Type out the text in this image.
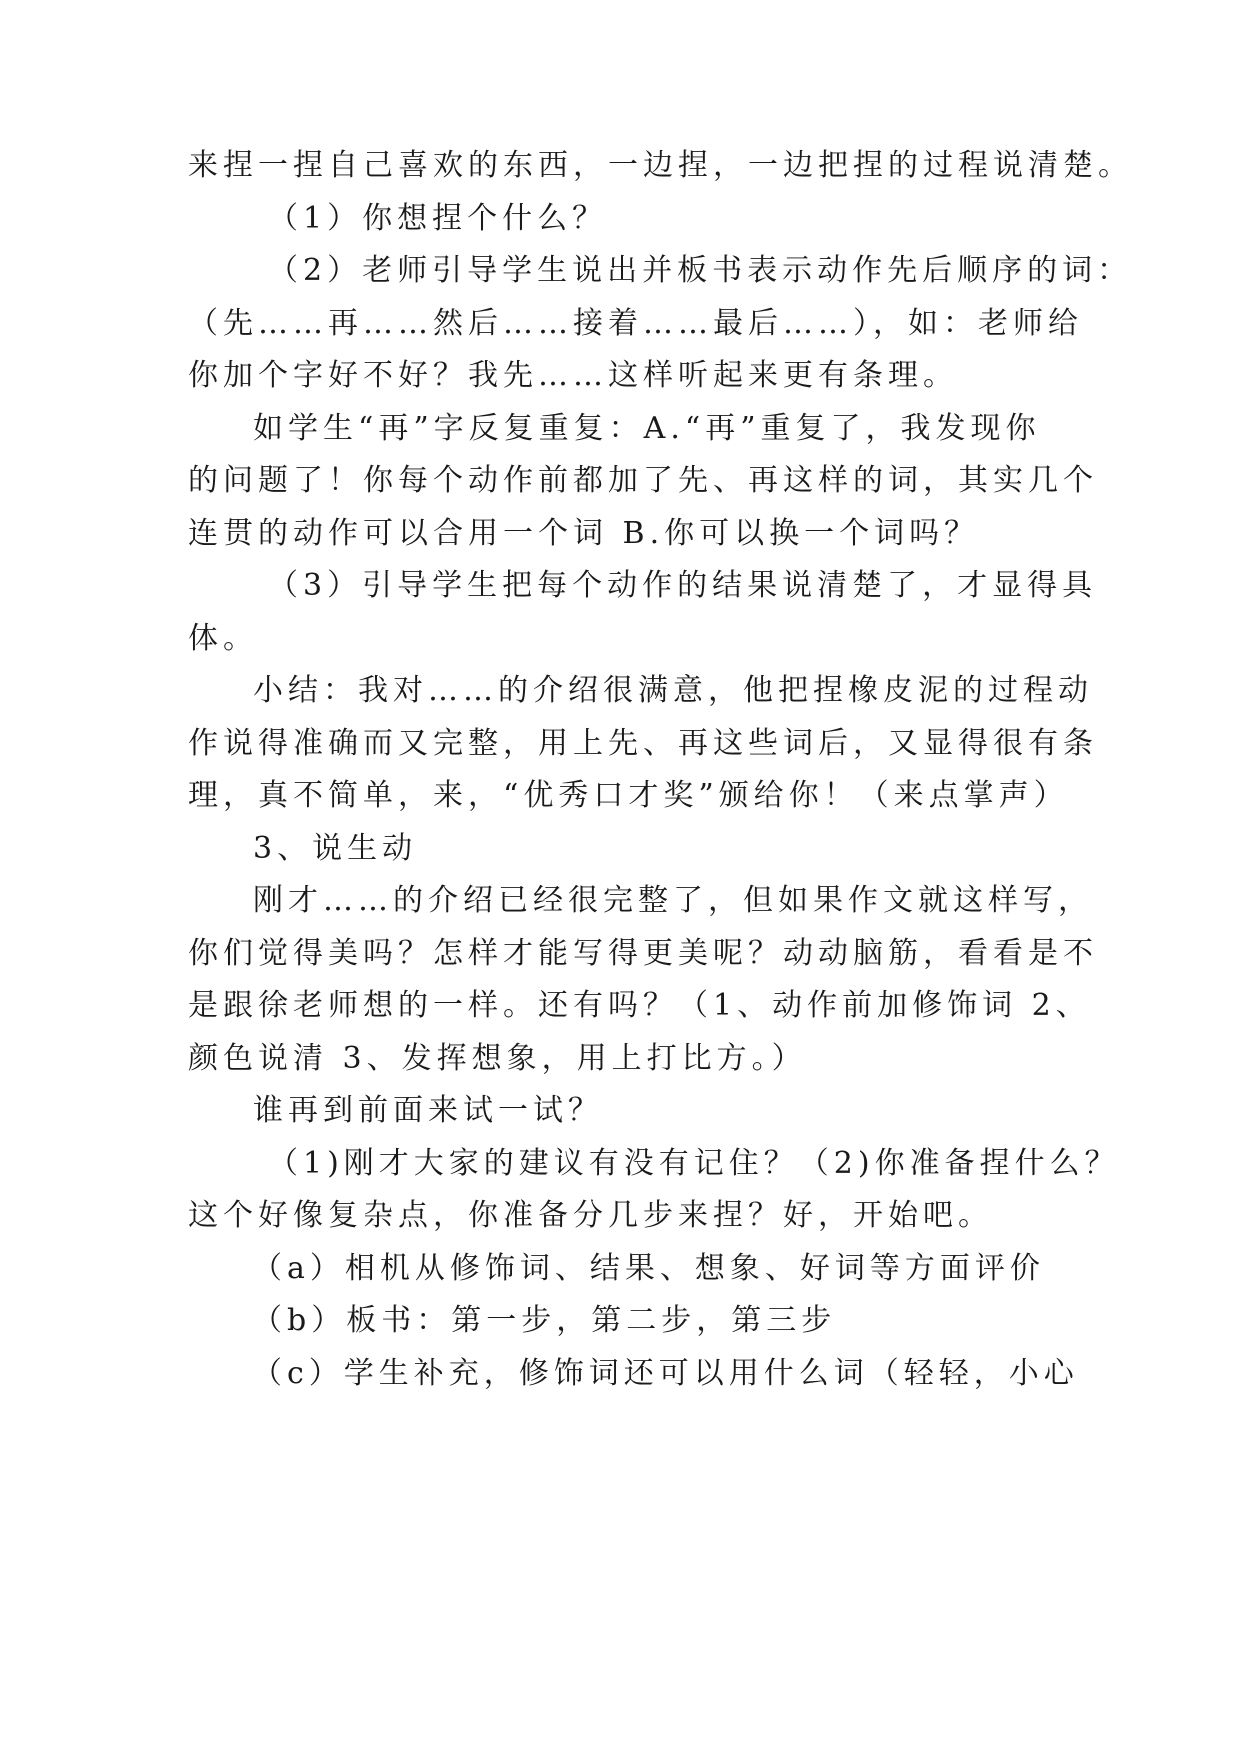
来捏一捏自己喜欢的东西，一边捏，一边把捏的过程说清楚。
（1）你想捏个什么？
（2）老师引导学生说出并板书表示动作先后顺序的词：
（先……再……然后……接着……最后……），如：老师给
你加个字好不好？我先……这样听起来更有条理。
如学生“再”字反复重复：A.“再”重复了，我发现你
的问题了！你每个动作前都加了先、再这样的词，其实几个
连贯的动作可以合用一个词 B.你可以换一个词吗？
（3）引导学生把每个动作的结果说清楚了，才显得具
体。
小结：我对……的介绍很满意，他把捏橡皮泥的过程动
作说得准确而又完整，用上先、再这些词后，又显得很有条
理，真不简单，来，“优秀口才奖”颁给你！（来点掌声）
3、说生动
刚才……的介绍已经很完整了，但如果作文就这样写，
你们觉得美吗？怎样才能写得更美呢？动动脑筋，看看是不
是跟徐老师想的一样。还有吗？（1、动作前加修饰词 2、
颜色说清 3、发挥想象，用上打比方。）
谁再到前面来试一试？
（1)刚才大家的建议有没有记住？（2)你准备捏什么？
这个好像复杂点，你准备分几步来捏？好，开始吧。
（a）相机从修饰词、结果、想象、好词等方面评价
（b）板书：第一步，第二步，第三步
（c）学生补充，修饰词还可以用什么词（轻轻，小心
